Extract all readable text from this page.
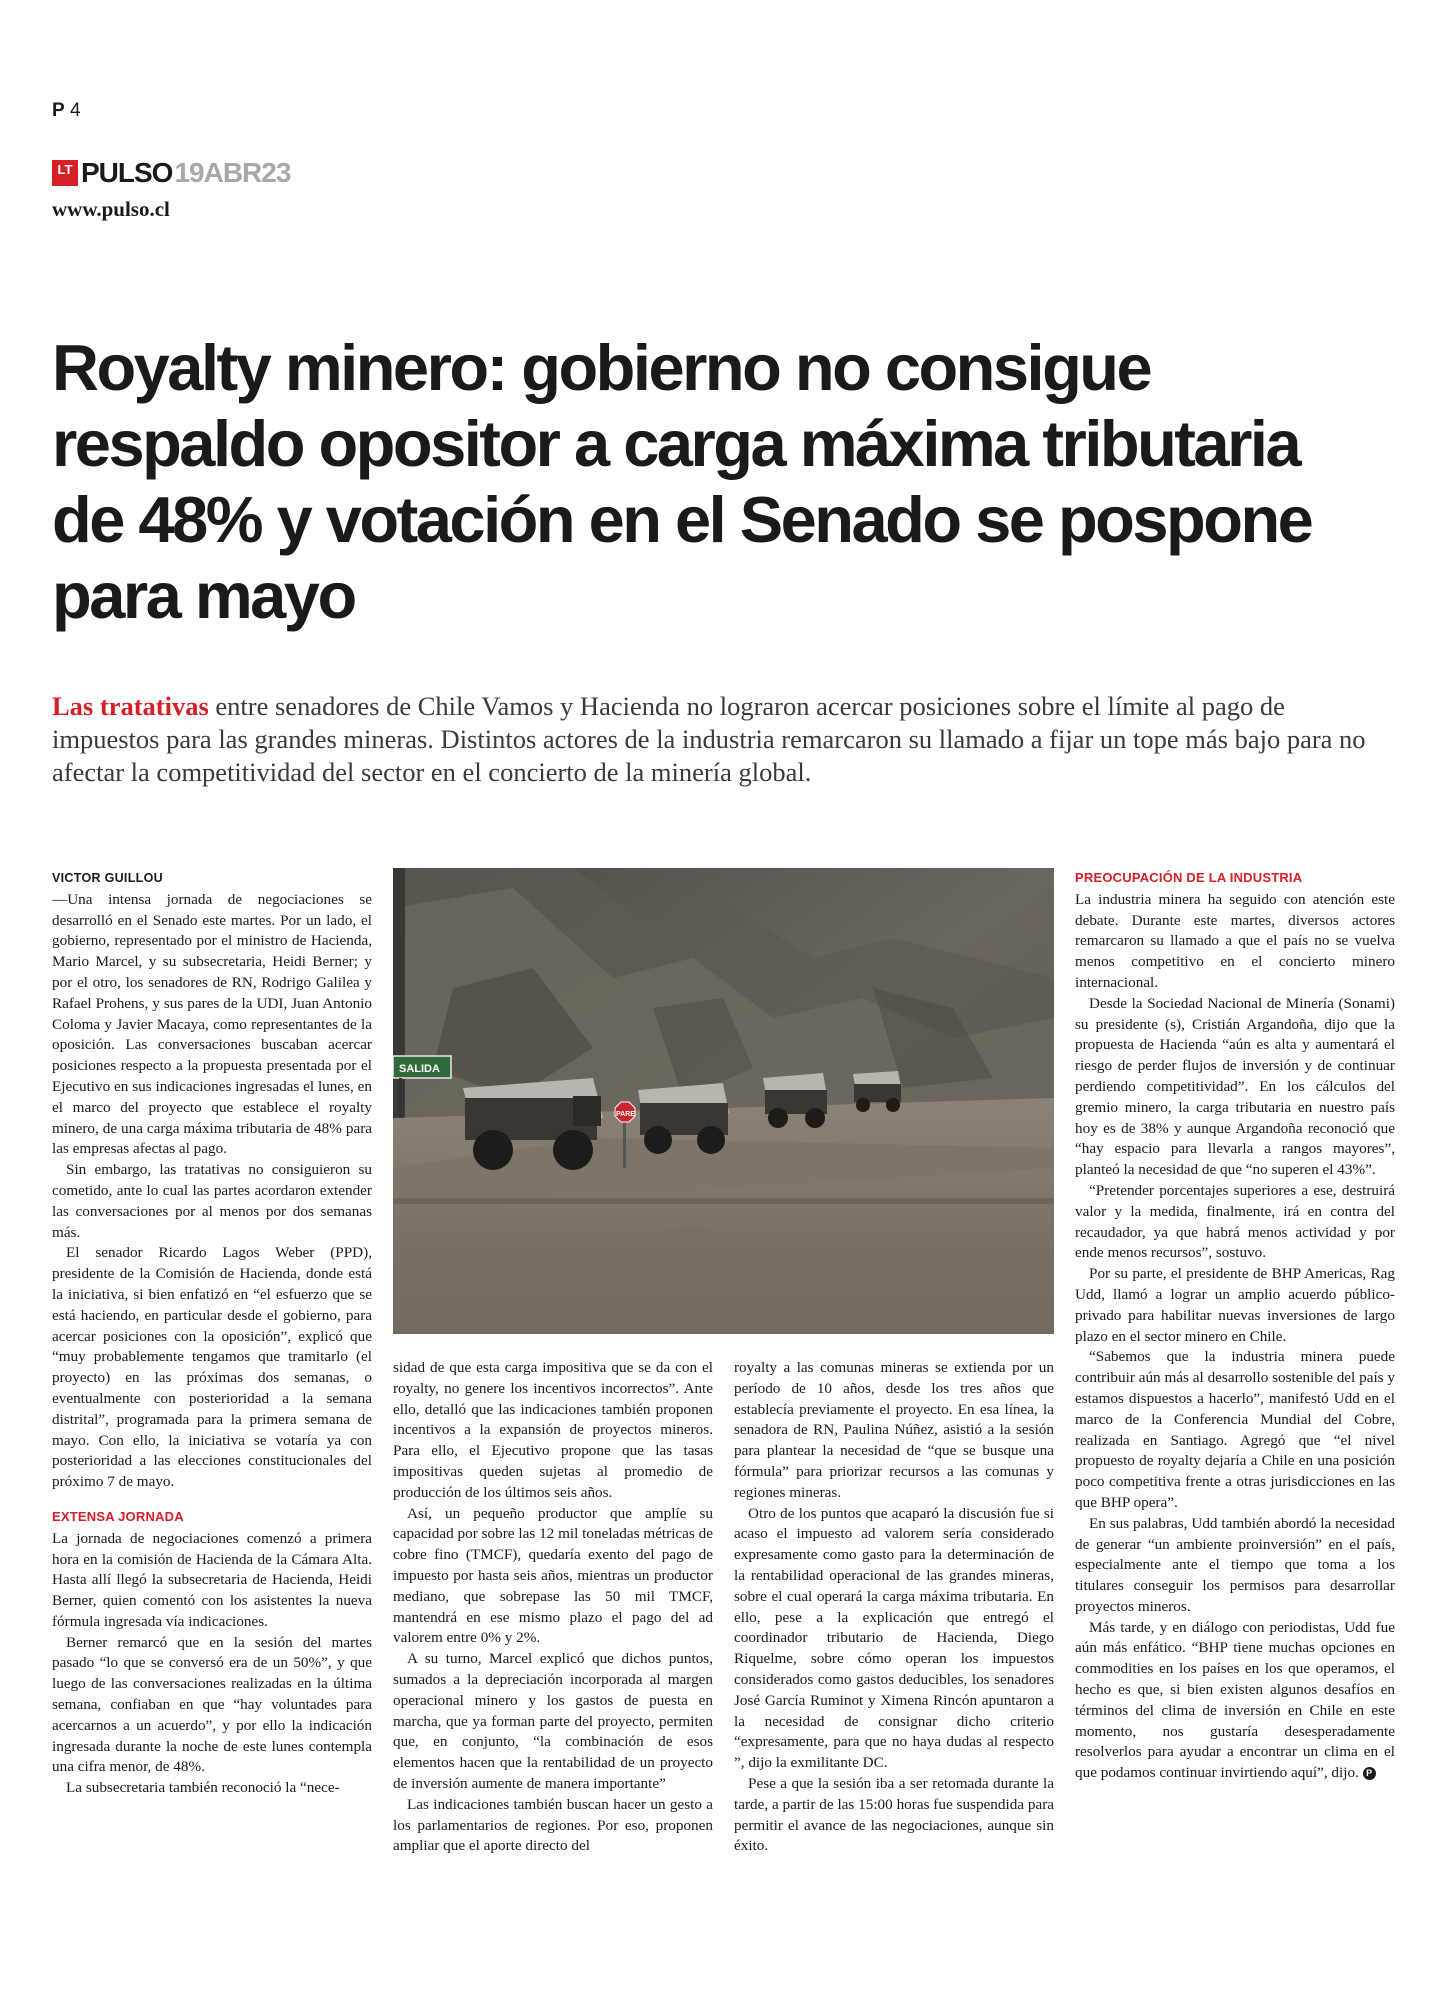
P 4
LT PULSO 19ABR23
www.pulso.cl
Royalty minero: gobierno no consigue respaldo opositor a carga máxima tributaria de 48% y votación en el Senado se pospone para mayo
Las tratativas entre senadores de Chile Vamos y Hacienda no lograron acercar posiciones sobre el límite al pago de impuestos para las grandes mineras. Distintos actores de la industria remarcaron su llamado a fijar un tope más bajo para no afectar la competitividad del sector en el concierto de la minería global.
VICTOR GUILLOU

—Una intensa jornada de negociaciones se desarrolló en el Senado este martes. Por un lado, el gobierno, representado por el ministro de Hacienda, Mario Marcel, y su subsecretaria, Heidi Berner; y por el otro, los senadores de RN, Rodrigo Galilea y Rafael Prohens, y sus pares de la UDI, Juan Antonio Coloma y Javier Macaya, como representantes de la oposición. Las conversaciones buscaban acercar posiciones respecto a la propuesta presentada por el Ejecutivo en sus indicaciones ingresadas el lunes, en el marco del proyecto que establece el royalty minero, de una carga máxima tributaria de 48% para las empresas afectas al pago.

Sin embargo, las tratativas no consiguieron su cometido, ante lo cual las partes acordaron extender las conversaciones por al menos por dos semanas más.

El senador Ricardo Lagos Weber (PPD), presidente de la Comisión de Hacienda, donde está la iniciativa, si bien enfatizó en “el esfuerzo que se está haciendo, en particular desde el gobierno, para acercar posiciones con la oposición”, explicó que “muy probablemente tengamos que tramitarlo (el proyecto) en las próximas dos semanas, o eventualmente con posterioridad a la semana distrital”, programada para la primera semana de mayo. Con ello, la iniciativa se votaría ya con posterioridad a las elecciones constitucionales del próximo 7 de mayo.

EXTENSA JORNADA

La jornada de negociaciones comenzó a primera hora en la comisión de Hacienda de la Cámara Alta. Hasta allí llegó la subsecretaria de Hacienda, Heidi Berner, quien comentó con los asistentes la nueva fórmula ingresada vía indicaciones.

Berner remarcó que en la sesión del martes pasado “lo que se conversó era de un 50%”, y que luego de las conversaciones realizadas en la última semana, confiaban en que “hay voluntades para acercarnos a un acuerdo”, y por ello la indicación ingresada durante la noche de este lunes contempla una cifra menor, de 48%.

La subsecretaria también reconoció la “nece-

SALIDA
PARE

sidad de que esta carga impositiva que se da con el royalty, no genere los incentivos incorrectos”. Ante ello, detalló que las indicaciones también proponen incentivos a la expansión de proyectos mineros. Para ello, el Ejecutivo propone que las tasas impositivas queden sujetas al promedio de producción de los últimos seis años.

Así, un pequeño productor que amplíe su capacidad por sobre las 12 mil toneladas métricas de cobre fino (TMCF), quedaría exento del pago de impuesto por hasta seis años, mientras un productor mediano, que sobrepase las 50 mil TMCF, mantendrá en ese mismo plazo el pago del ad valorem entre 0% y 2%.

A su turno, Marcel explicó que dichos puntos, sumados a la depreciación incorporada al margen operacional minero y los gastos de puesta en marcha, que ya forman parte del proyecto, permiten que, en conjunto, “la combinación de esos elementos hacen que la rentabilidad de un proyecto de inversión aumente de manera importante”

Las indicaciones también buscan hacer un gesto a los parlamentarios de regiones. Por eso, proponen ampliar que el aporte directo del

royalty a las comunas mineras se extienda por un período de 10 años, desde los tres años que establecía previamente el proyecto. En esa línea, la senadora de RN, Paulina Núñez, asistió a la sesión para plantear la necesidad de “que se busque una fórmula” para priorizar recursos a las comunas y regiones mineras.

Otro de los puntos que acaparó la discusión fue si acaso el impuesto ad valorem sería considerado expresamente como gasto para la determinación de la rentabilidad operacional de las grandes mineras, sobre el cual operará la carga máxima tributaria. En ello, pese a la explicación que entregó el coordinador tributario de Hacienda, Diego Riquelme, sobre cómo operan los impuestos considerados como gastos deducibles, los senadores José García Ruminot y Ximena Rincón apuntaron a la necesidad de consignar dicho criterio “expresamente, para que no haya dudas al respecto ”, dijo la exmilitante DC.

Pese a que la sesión iba a ser retomada durante la tarde, a partir de las 15:00 horas fue suspendida para permitir el avance de las negociaciones, aunque sin éxito.

PREOCUPACIÓN DE LA INDUSTRIA

La industria minera ha seguido con atención este debate. Durante este martes, diversos actores remarcaron su llamado a que el país no se vuelva menos competitivo en el concierto minero internacional.

Desde la Sociedad Nacional de Minería (Sonami) su presidente (s), Cristián Argandoña, dijo que la propuesta de Hacienda “aún es alta y aumentará el riesgo de perder flujos de inversión y de continuar perdiendo competitividad”. En los cálculos del gremio minero, la carga tributaria en nuestro país hoy es de 38% y aunque Argandoña reconoció que “hay espacio para llevarla a rangos mayores”, planteó la necesidad de que “no superen el 43%”.

“Pretender porcentajes superiores a ese, destruirá valor y la medida, finalmente, irá en contra del recaudador, ya que habrá menos actividad y por ende menos recursos”, sostuvo.

Por su parte, el presidente de BHP Americas, Rag Udd, llamó a lograr un amplio acuerdo público-privado para habilitar nuevas inversiones de largo plazo en el sector minero en Chile.

“Sabemos que la industria minera puede contribuir aún más al desarrollo sostenible del país y estamos dispuestos a hacerlo”, manifestó Udd en el marco de la Conferencia Mundial del Cobre, realizada en Santiago. Agregó que “el nivel propuesto de royalty dejaría a Chile en una posición poco competitiva frente a otras jurisdicciones en las que BHP opera”.

En sus palabras, Udd también abordó la necesidad de generar “un ambiente proinversión” en el país, especialmente ante el tiempo que toma a los titulares conseguir los permisos para desarrollar proyectos mineros.

Más tarde, y en diálogo con periodistas, Udd fue aún más enfático. “BHP tiene muchas opciones en commodities en los países en los que operamos, el hecho es que, si bien existen algunos desafíos en términos del clima de inversión en Chile en este momento, nos gustaría desesperadamente resolverlos para ayudar a encontrar un clima en el que podamos continuar invirtiendo aquí”, dijo. P
